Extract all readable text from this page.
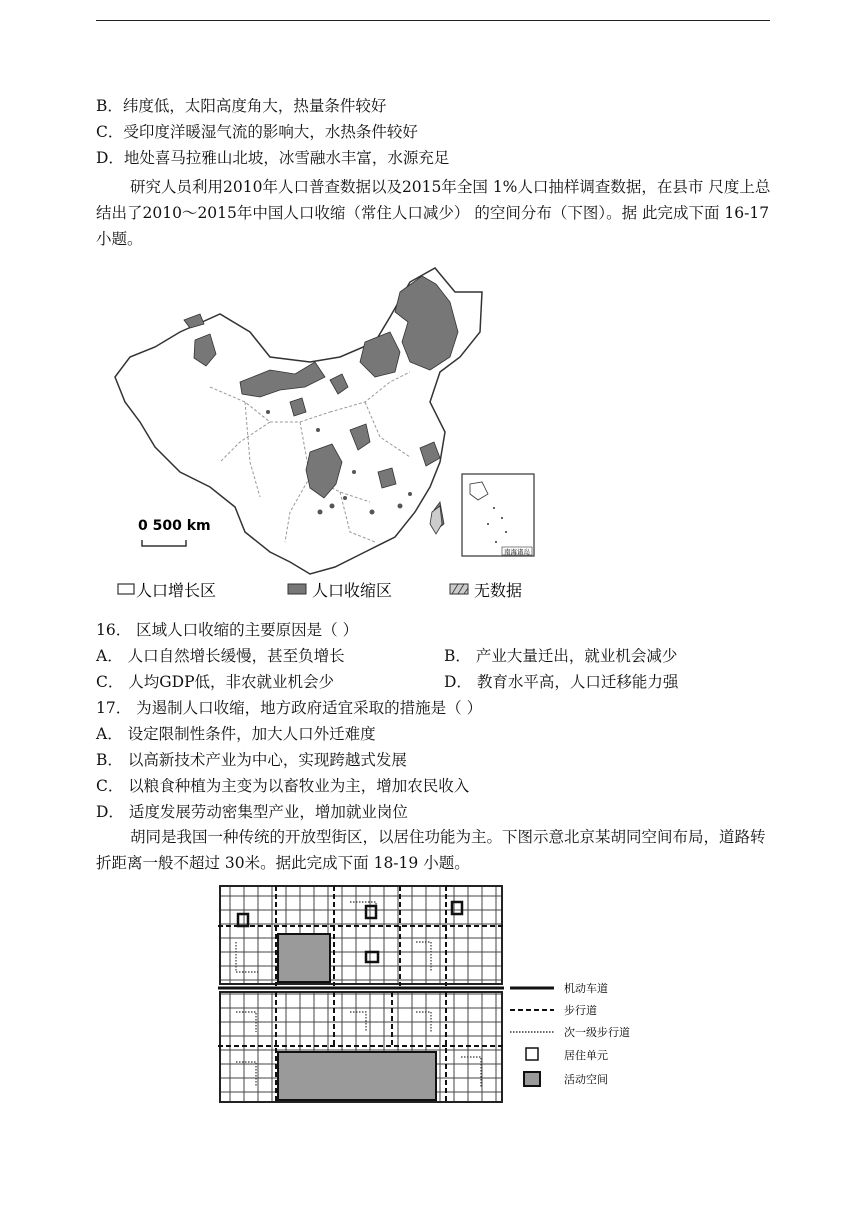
B．纬度低，太阳高度角大，热量条件较好
C．受印度洋暖湿气流的影响大，水热条件较好
D．地处喜马拉雅山北坡，冰雪融水丰富，水源充足
研究人员利用2010年人口普查数据以及2015年全国 1%人口抽样调查数据，在县市 尺度上总结出了2010～2015年中国人口收缩（常住人口减少） 的空间分布（下图）。据 此完成下面 16-17小题。
南海诸岛
0 500 km
人口增长区	人口收缩区	无数据
16． 区域人口收缩的主要原因是（ ）
A． 人口自然增长缓慢，甚至负增长	B． 产业大量迁出，就业机会减少
C． 人均GDP低，非农就业机会少	D． 教育水平高，人口迁移能力强
17． 为遏制人口收缩，地方政府适宜采取的措施是（ ）
A． 设定限制性条件，加大人口外迁难度
B． 以高新技术产业为中心，实现跨越式发展
C． 以粮食种植为主变为以畜牧业为主，增加农民收入
D． 适度发展劳动密集型产业，增加就业岗位
胡同是我国一种传统的开放型街区，以居住功能为主。下图示意北京某胡同空间布局，道路转折距离一般不超过 30米。据此完成下面 18-19 小题。
机动车道
步行道
次一级步行道
居住单元
活动空间
